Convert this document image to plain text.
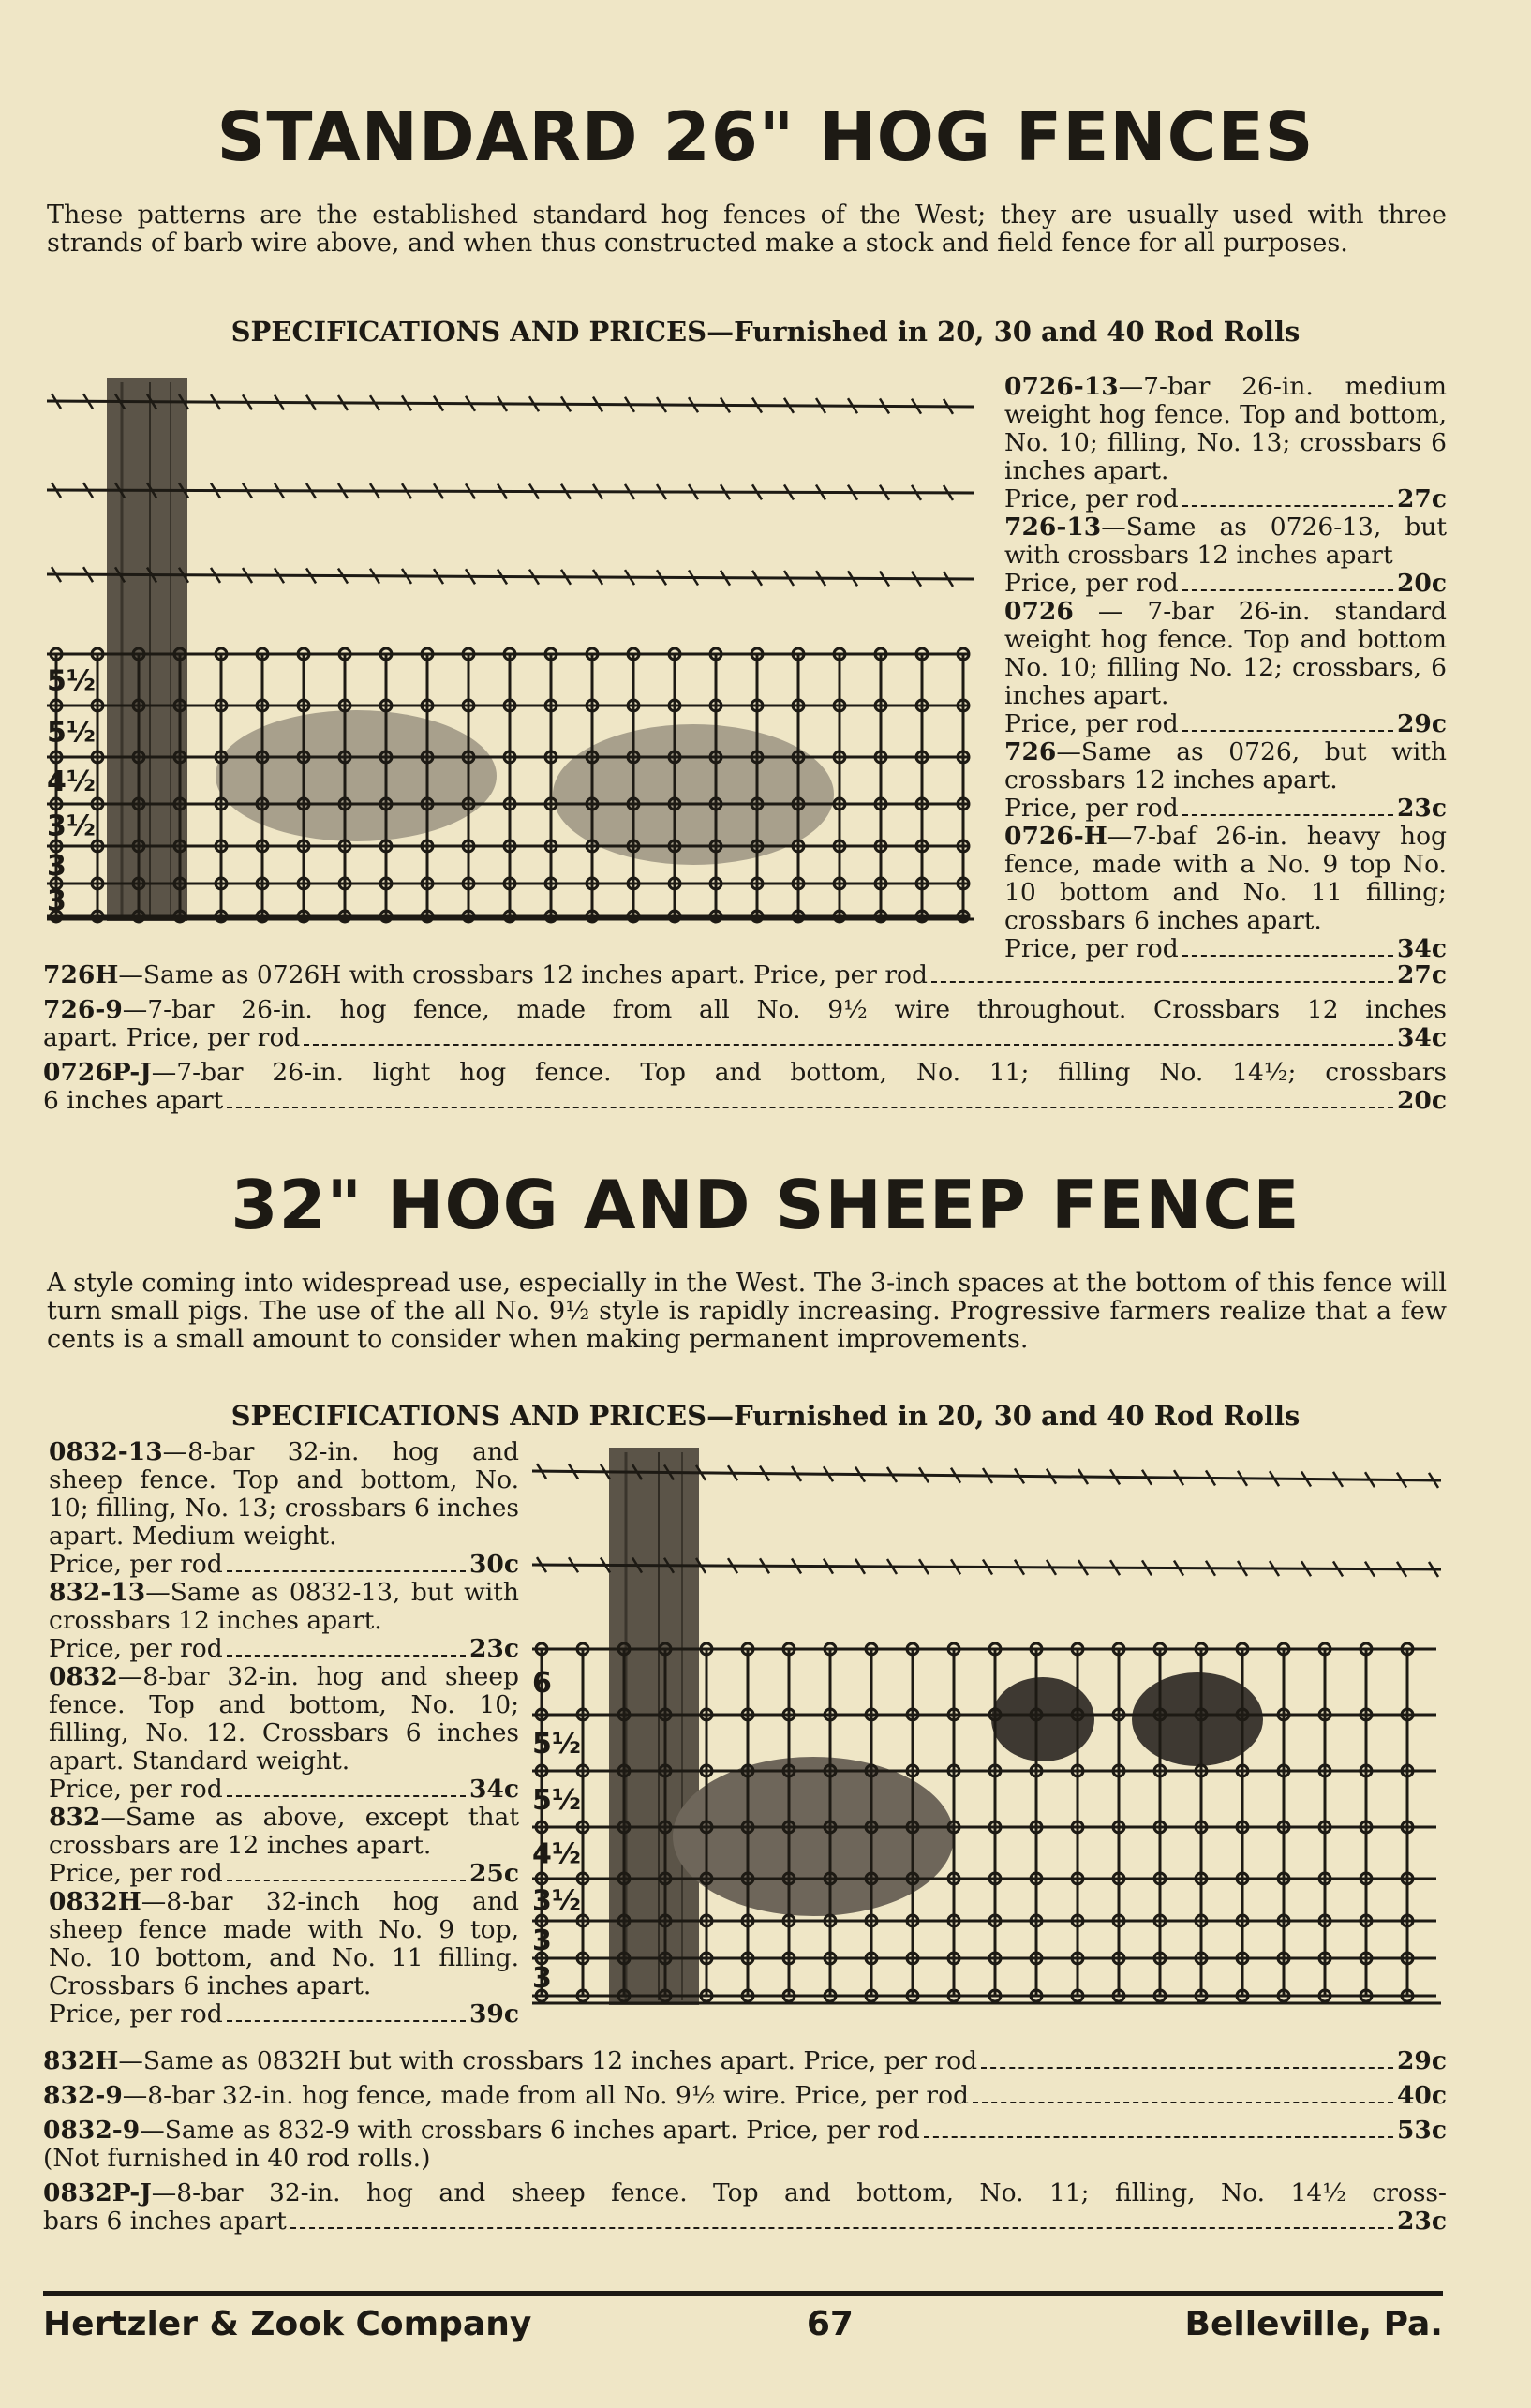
STANDARD 26" HOG FENCES

These patterns are the established standard hog fences of the West; they are usually used with three strands of barb wire above, and when thus constructed make a stock and field fence for all purposes.

SPECIFICATIONS AND PRICES—Furnished in 20, 30 and 40 Rod Rolls
5½
5½
4½
3½
3
3
0726-13—7-bar 26-in. medium weight hog fence. Top and bottom, No. 10; filling, No. 13; crossbars 6 inches apart.
Price, per rod	27c
726-13—Same as 0726-13, but with crossbars 12 inches apart
Price, per rod	20c
0726 — 7-bar 26-in. standard weight hog fence. Top and bottom No. 10; filling No. 12; crossbars, 6 inches apart.
Price, per rod	29c
726—Same as 0726, but with crossbars 12 inches apart.
Price, per rod	23c
0726-H—7-baf 26-in. heavy hog fence, made with a No. 9 top No. 10 bottom and No. 11 filling; crossbars 6 inches apart.
Price, per rod	34c
726H—Same as 0726H with crossbars 12 inches apart. Price, per rod	27c
726-9—7-bar 26-in. hog fence, made from all No. 9½ wire throughout. Crossbars 12 inches
apart. Price, per rod	34c
0726P-J—7-bar 26-in. light hog fence. Top and bottom, No. 11; filling No. 14½; crossbars
6 inches apart	20c
32" HOG AND SHEEP FENCE

A style coming into widespread use, especially in the West. The 3-inch spaces at the bottom of this fence will turn small pigs. The use of the all No. 9½ style is rapidly increasing. Progressive farmers realize that a few cents is a small amount to consider when making permanent improvements.

SPECIFICATIONS AND PRICES—Furnished in 20, 30 and 40 Rod Rolls
0832-13—8-bar 32-in. hog and sheep fence. Top and bottom, No. 10; filling, No. 13; crossbars 6 inches apart. Medium weight.
Price, per rod	30c
832-13—Same as 0832-13, but with crossbars 12 inches apart.
Price, per rod	23c
0832—8-bar 32-in. hog and sheep fence. Top and bottom, No. 10; filling, No. 12. Crossbars 6 inches apart. Standard weight.
Price, per rod	34c
832—Same as above, except that crossbars are 12 inches apart.
Price, per rod	25c
0832H—8-bar 32-inch hog and sheep fence made with No. 9 top, No. 10 bottom, and No. 11 filling. Crossbars 6 inches apart.
Price, per rod	39c
6
5½
5½
4½
3½
3
3
832H—Same as 0832H but with crossbars 12 inches apart. Price, per rod	29c
832-9—8-bar 32-in. hog fence, made from all No. 9½ wire. Price, per rod	40c
0832-9—Same as 832-9 with crossbars 6 inches apart. Price, per rod	53c
(Not furnished in 40 rod rolls.)
0832P-J—8-bar 32-in. hog and sheep fence. Top and bottom, No. 11; filling, No. 14½ cross-
bars 6 inches apart	23c
Hertzler & Zook Company	67	Belleville, Pa.
